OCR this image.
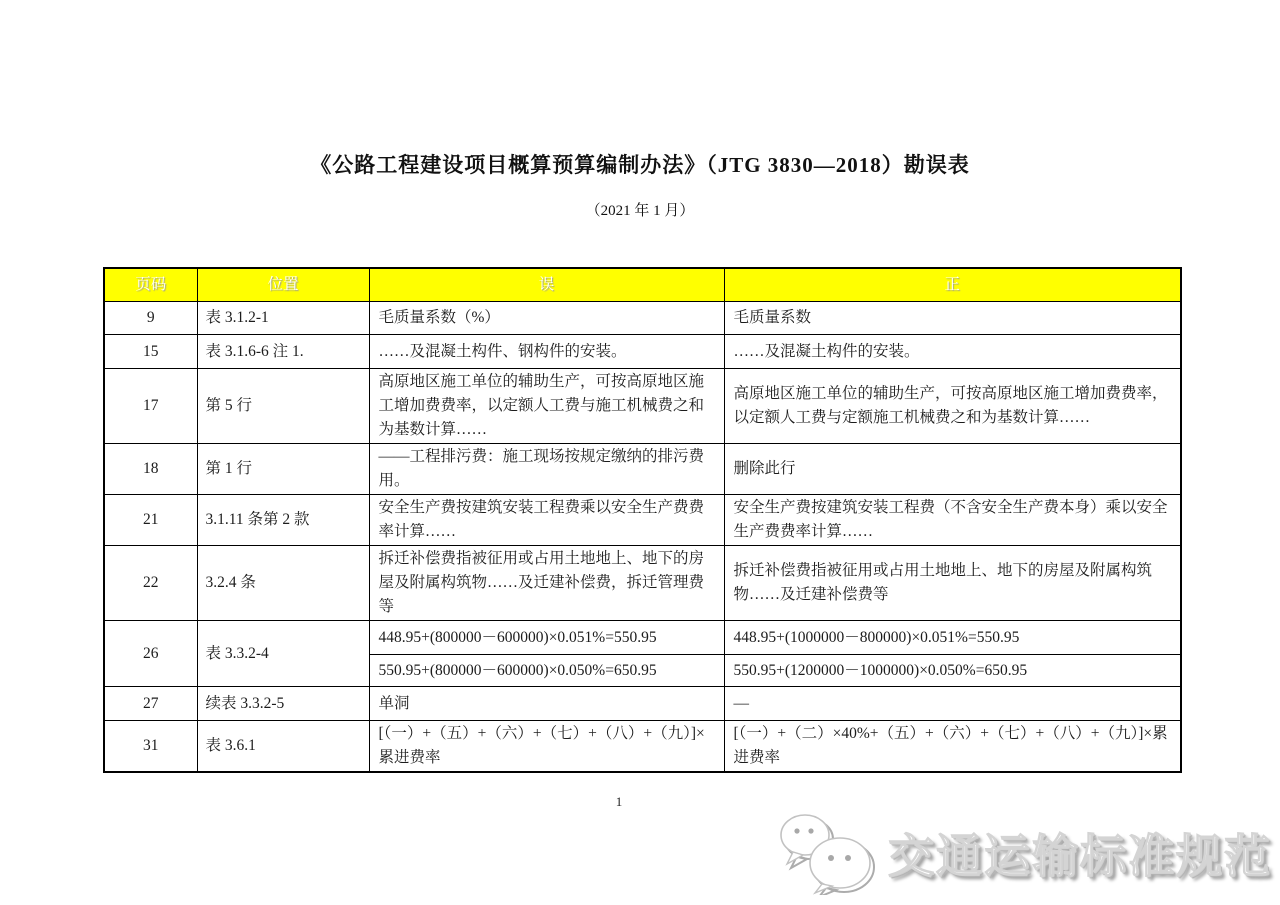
《公路工程建设项目概算预算编制办法》（JTG 3830—2018）勘误表
（2021 年 1 月）
页码	位置	误	正
9	表 3.1.2-1	毛质量系数（%）	毛质量系数
15	表 3.1.6-6 注 1.	……及混凝土构件、钢构件的安装。	……及混凝土构件的安装。
17	第 5 行	高原地区施工单位的辅助生产，可按高原地区施工增加费费率，以定额人工费与施工机械费之和为基数计算……	高原地区施工单位的辅助生产，可按高原地区施工增加费费率，以定额人工费与定额施工机械费之和为基数计算……
18	第 1 行	——工程排污费：施工现场按规定缴纳的排污费用。	删除此行
21	3.1.11 条第 2 款	安全生产费按建筑安装工程费乘以安全生产费费率计算……	安全生产费按建筑安装工程费（不含安全生产费本身）乘以安全生产费费率计算……
22	3.2.4 条	拆迁补偿费指被征用或占用土地地上、地下的房屋及附属构筑物……及迁建补偿费，拆迁管理费等	拆迁补偿费指被征用或占用土地地上、地下的房屋及附属构筑物……及迁建补偿费等
26	表 3.3.2-4	448.95+(800000－600000)×0.051%=550.95	448.95+(1000000－800000)×0.051%=550.95
		550.95+(800000－600000)×0.050%=650.95	550.95+(1200000－1000000)×0.050%=650.95
27	续表 3.3.2-5	单洞	—
31	表 3.6.1	[（一）+（五）+（六）+（七）+（八）+（九）]×累进费率	[（一）+（二）×40%+（五）+（六）+（七）+（八）+（九）]×累进费率
1
交通运输标准规范
